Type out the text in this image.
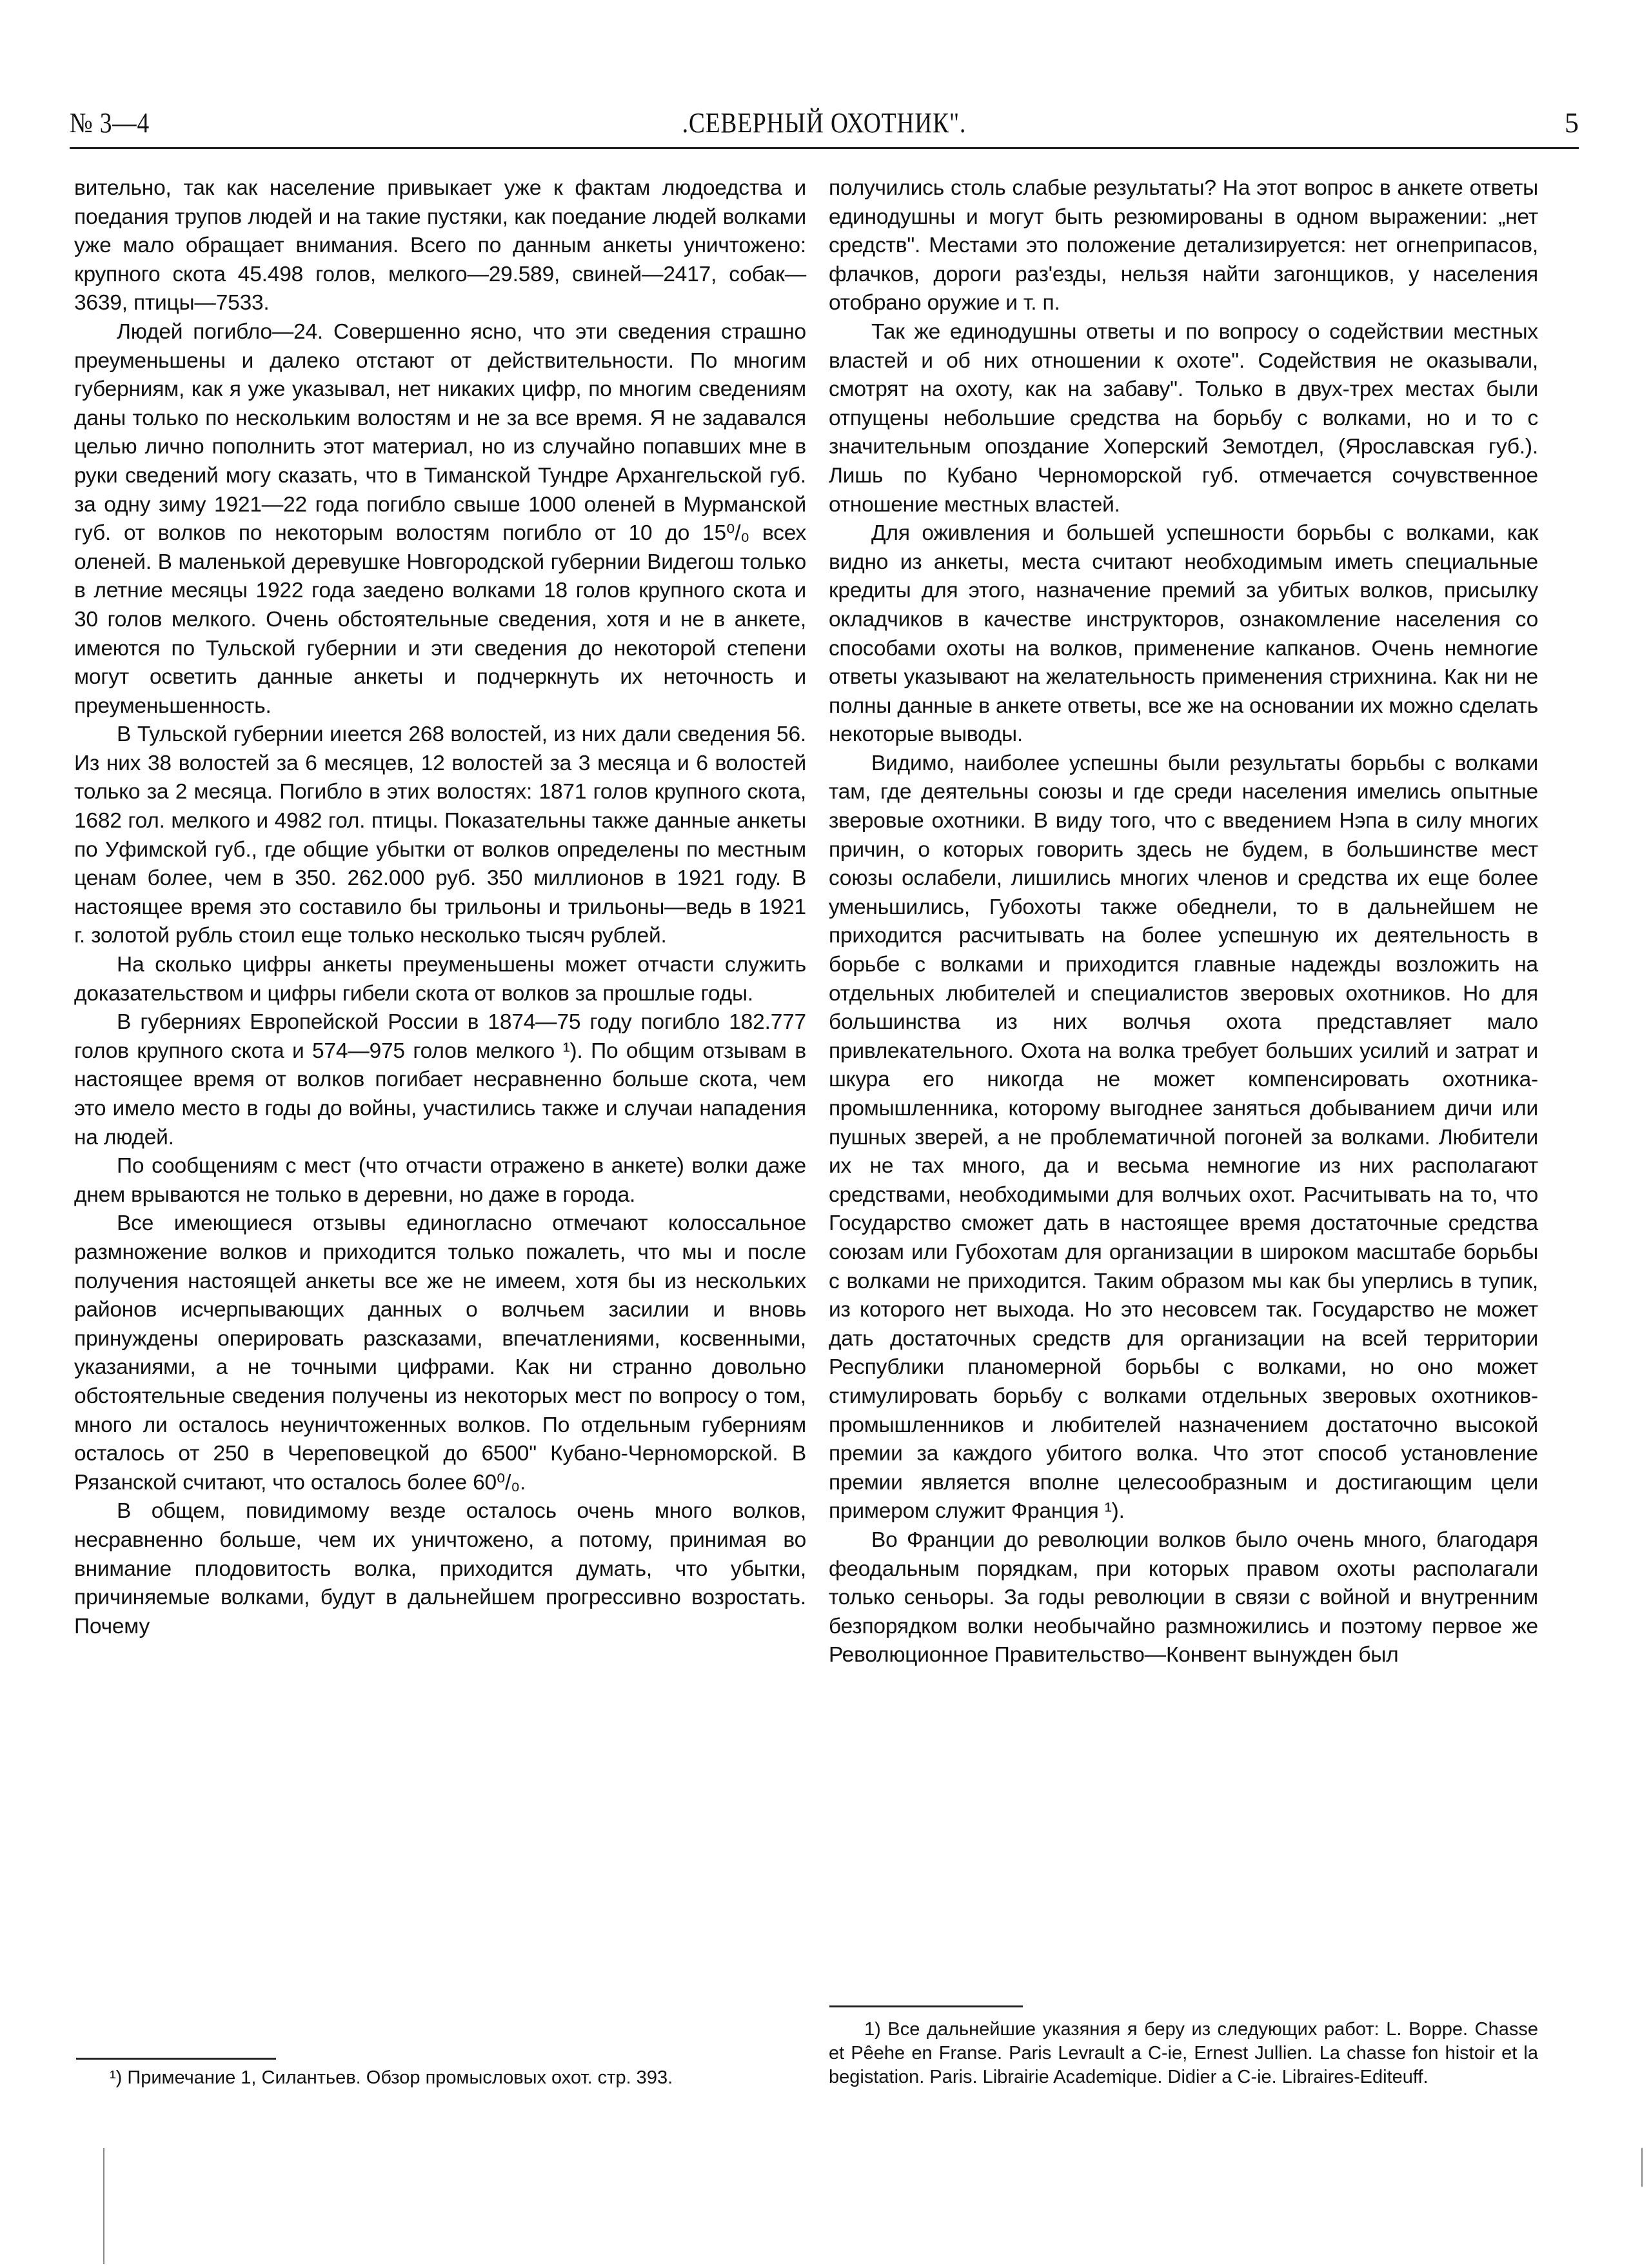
№ 3—4	.СЕВЕРНЫЙ ОХОТНИК".	5

вительно, так как население привыкает уже к фактам людоедства и поедания трупов людей и на такие пустяки, как поедание людей волками уже мало обращает внимания. Всего по данным анкеты уничтожено: крупного скота 45.498 голов, мелкого—29.589, свиней—2417, собак—3639, птицы—7533.

Людей погибло—24. Совершенно ясно, что эти сведения страшно преуменьшены и далеко отстают от действительности. По многим губерниям, как я уже указывал, нет никаких цифр, по многим сведениям даны только по нескольким волостям и не за все время. Я не задавался целью лично пополнить этот материал, но из случайно попавших мне в руки сведений могу сказать, что в Тиманской Тундре Архангельской губ. за одну зиму 1921—22 года погибло свыше 1000 оленей в Мурманской губ. от волков по некоторым волостям погибло от 10 до 15⁰/₀ всех оленей. В маленькой деревушке Новгородской губернии Видегош только в летние месяцы 1922 года заедено волками 18 голов крупного скота и 30 голов мелкого. Очень обстоятельные сведения, хотя и не в анкете, имеются по Тульской губернии и эти сведения до некоторой степени могут осветить данные анкеты и подчеркнуть их неточность и преуменьшенность.

В Тульской губернии иıеется 268 волостей, из них дали сведения 56. Из них 38 волостей за 6 месяцев, 12 волостей за 3 месяца и 6 волостей только за 2 месяца. Погибло в этих волостях: 1871 голов крупного скота, 1682 гол. мелкого и 4982 гол. птицы. Показательны также данные анкеты по Уфимской губ., где общие убытки от волков определены по местным ценам более, чем в 350. 262.000 руб. 350 миллионов в 1921 году. В настоящее время это составило бы трильоны и трильоны—ведь в 1921 г. золотой рубль стоил еще только несколько тысяч рублей.

На сколько цифры анкеты преуменьшены может отчасти служить доказательством и цифры гибели скота от волков за прошлые годы.

В губерниях Европейской России в 1874—75 году погибло 182.777 голов крупного скота и 574—975 голов мелкого ¹). По общим отзывам в настоящее время от волков погибает несравненно больше скота, чем это имело место в годы до войны, участились также и случаи нападения на людей.

По сообщениям с мест (что отчасти отражено в анкете) волки даже днем врываются не только в деревни, но даже в города.

Все имеющиеся отзывы единогласно отмечают колоссальное размножение волков и приходится только пожалеть, что мы и после получения настоящей анкеты все же не имеем, хотя бы из нескольких районов исчерпывающих данных о волчьем засилии и вновь принуждены оперировать разсказами, впечатлениями, косвенными, указаниями, а не точными цифрами. Как ни странно довольно обстоятельные сведения получены из некоторых мест по вопросу о том, много ли осталось неуничтоженных волков. По отдельным губерниям осталось от 250 в Череповецкой до 6500" Кубано-Черноморской. В Рязанской считают, что осталось более 60⁰/₀.

В общем, повидимому везде осталось очень много волков, несравненно больше, чем их уничтожено, а потому, принимая во внимание плодовитость волка, приходится думать, что убытки, причиняемые волками, будут в дальнейшем прогрессивно возростать. Почему

¹) Примечание 1, Силантьев. Обзор промысловых охот. стр. 393.

получились столь слабые результаты? На этот вопрос в анкете ответы единодушны и могут быть резюмированы в одном выражении: „нет средств". Местами это положение детализируется: нет огнеприпасов, флачков, дороги раз'езды, нельзя найти загонщиков, у населения отобрано оружие и т. п.

Так же единодушны ответы и по вопросу о содействии местных властей и об них отношении к охоте". Содействия не оказывали, смотрят на охоту, как на забаву". Только в двух-трех местах были отпущены небольшие средства на борьбу с волками, но и то с значительным опоздание Хоперский Земотдел, (Ярославская губ.). Лишь по Кубано Черноморской губ. отмечается сочувственное отношение местных властей.

Для оживления и большей успешности борьбы с волками, как видно из анкеты, места считают необходимым иметь специальные кредиты для этого, назначение премий за убитых волков, присылку окладчиков в качестве инструкторов, ознакомление населения со способами охоты на волков, применение капканов. Очень немногие ответы указывают на желательность применения стрихнина. Как ни не полны данные в анкете ответы, все же на основании их можно сделать некоторые выводы.

Видимо, наиболее успешны были результаты борьбы с волками там, где деятельны союзы и где среди населения имелись опытные зверовые охотники. В виду того, что с введением Нэпа в силу многих причин, о которых говорить здесь не будем, в большинстве мест союзы ослабели, лишились многих членов и средства их еще более уменьшились, Губохоты также обеднели, то в дальнейшем не приходится расчитывать на более успешную их деятельность в борьбе с волками и приходится главные надежды возложить на отдельных любителей и специалистов зверовых охотников. Но для большинства из них волчья охота представляет мало привлекательного. Охота на волка требует больших усилий и затрат и шкура его никогда не может компенсировать охотника-промышленника, которому выгоднее заняться добыванием дичи или пушных зверей, а не проблематичной погоней за волками. Любители их не тах много, да и весьма немногие из них располагают средствами, необходимыми для волчьих охот. Расчитывать на то, что Государство сможет дать в настоящее время достаточные средства союзам или Губохотам для организации в широком масштабе борьбы с волками не приходится. Таким образом мы как бы уперлись в тупик, из которого нет выхода. Но это несовсем так. Государство не может дать достаточных средств для организации на всей территории Республики планомерной борьбы с волками, но оно может стимулировать борьбу с волками отдельных зверовых охотников-промышленников и любителей назначением достаточно высокой премии за каждого убитого волка. Что этот способ установление премии является вполне целесообразным и достигающим цели примером служит Франция ¹).

Во Франции до революции волков было очень много, благодаря феодальным порядкам, при которых правом охоты располагали только сеньоры. За годы революции в связи с войной и внутренним безпорядком волки необычайно размножились и поэтому первое же Революционное Правительство—Конвент вынужден был

1) Все дальнейшие указяния я беру из следующих работ: L. Boppe. Chasse et Pêehe en Franse. Paris Levrault a C-ie, Ernest Jullien. La chasse fon histoir et la begistation. Paris. Librairie Academique. Didier a C-ie. Libraires-Editeuff.
